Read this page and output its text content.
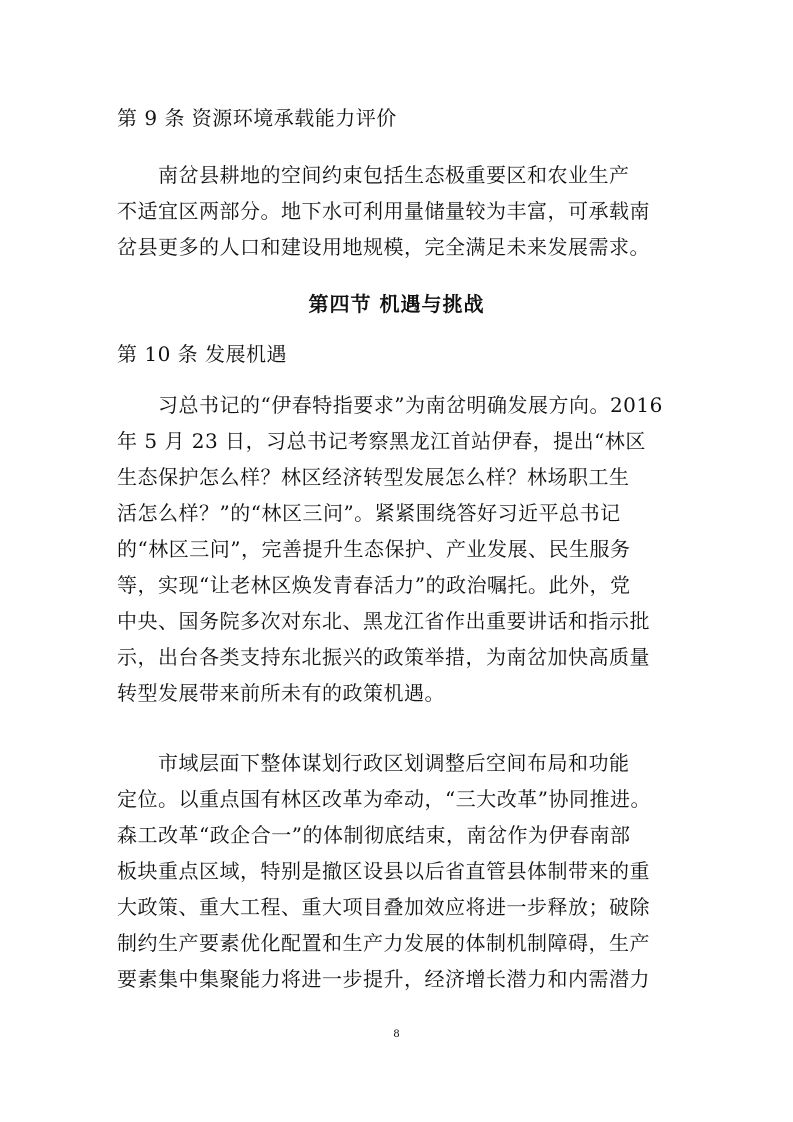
第 9 条 资源环境承载能力评价
　　南岔县耕地的空间约束包括生态极重要区和农业生产
不适宜区两部分。地下水可利用量储量较为丰富，可承载南
岔县更多的人口和建设用地规模，完全满足未来发展需求。
第四节 机遇与挑战
第 10 条 发展机遇
　　习总书记的“伊春特指要求”为南岔明确发展方向。2016
年 5 月 23 日，习总书记考察黑龙江首站伊春，提出“林区
生态保护怎么样？林区经济转型发展怎么样？林场职工生
活怎么样？”的“林区三问”。紧紧围绕答好习近平总书记
的“林区三问”，完善提升生态保护、产业发展、民生服务
等，实现“让老林区焕发青春活力”的政治嘱托。此外，党
中央、国务院多次对东北、黑龙江省作出重要讲话和指示批
示，出台各类支持东北振兴的政策举措，为南岔加快高质量
转型发展带来前所未有的政策机遇。
　　市域层面下整体谋划行政区划调整后空间布局和功能
定位。以重点国有林区改革为牵动，“三大改革”协同推进。
森工改革“政企合一”的体制彻底结束，南岔作为伊春南部
板块重点区域，特别是撤区设县以后省直管县体制带来的重
大政策、重大工程、重大项目叠加效应将进一步释放；破除
制约生产要素优化配置和生产力发展的体制机制障碍，生产
要素集中集聚能力将进一步提升，经济增长潜力和内需潜力
8
